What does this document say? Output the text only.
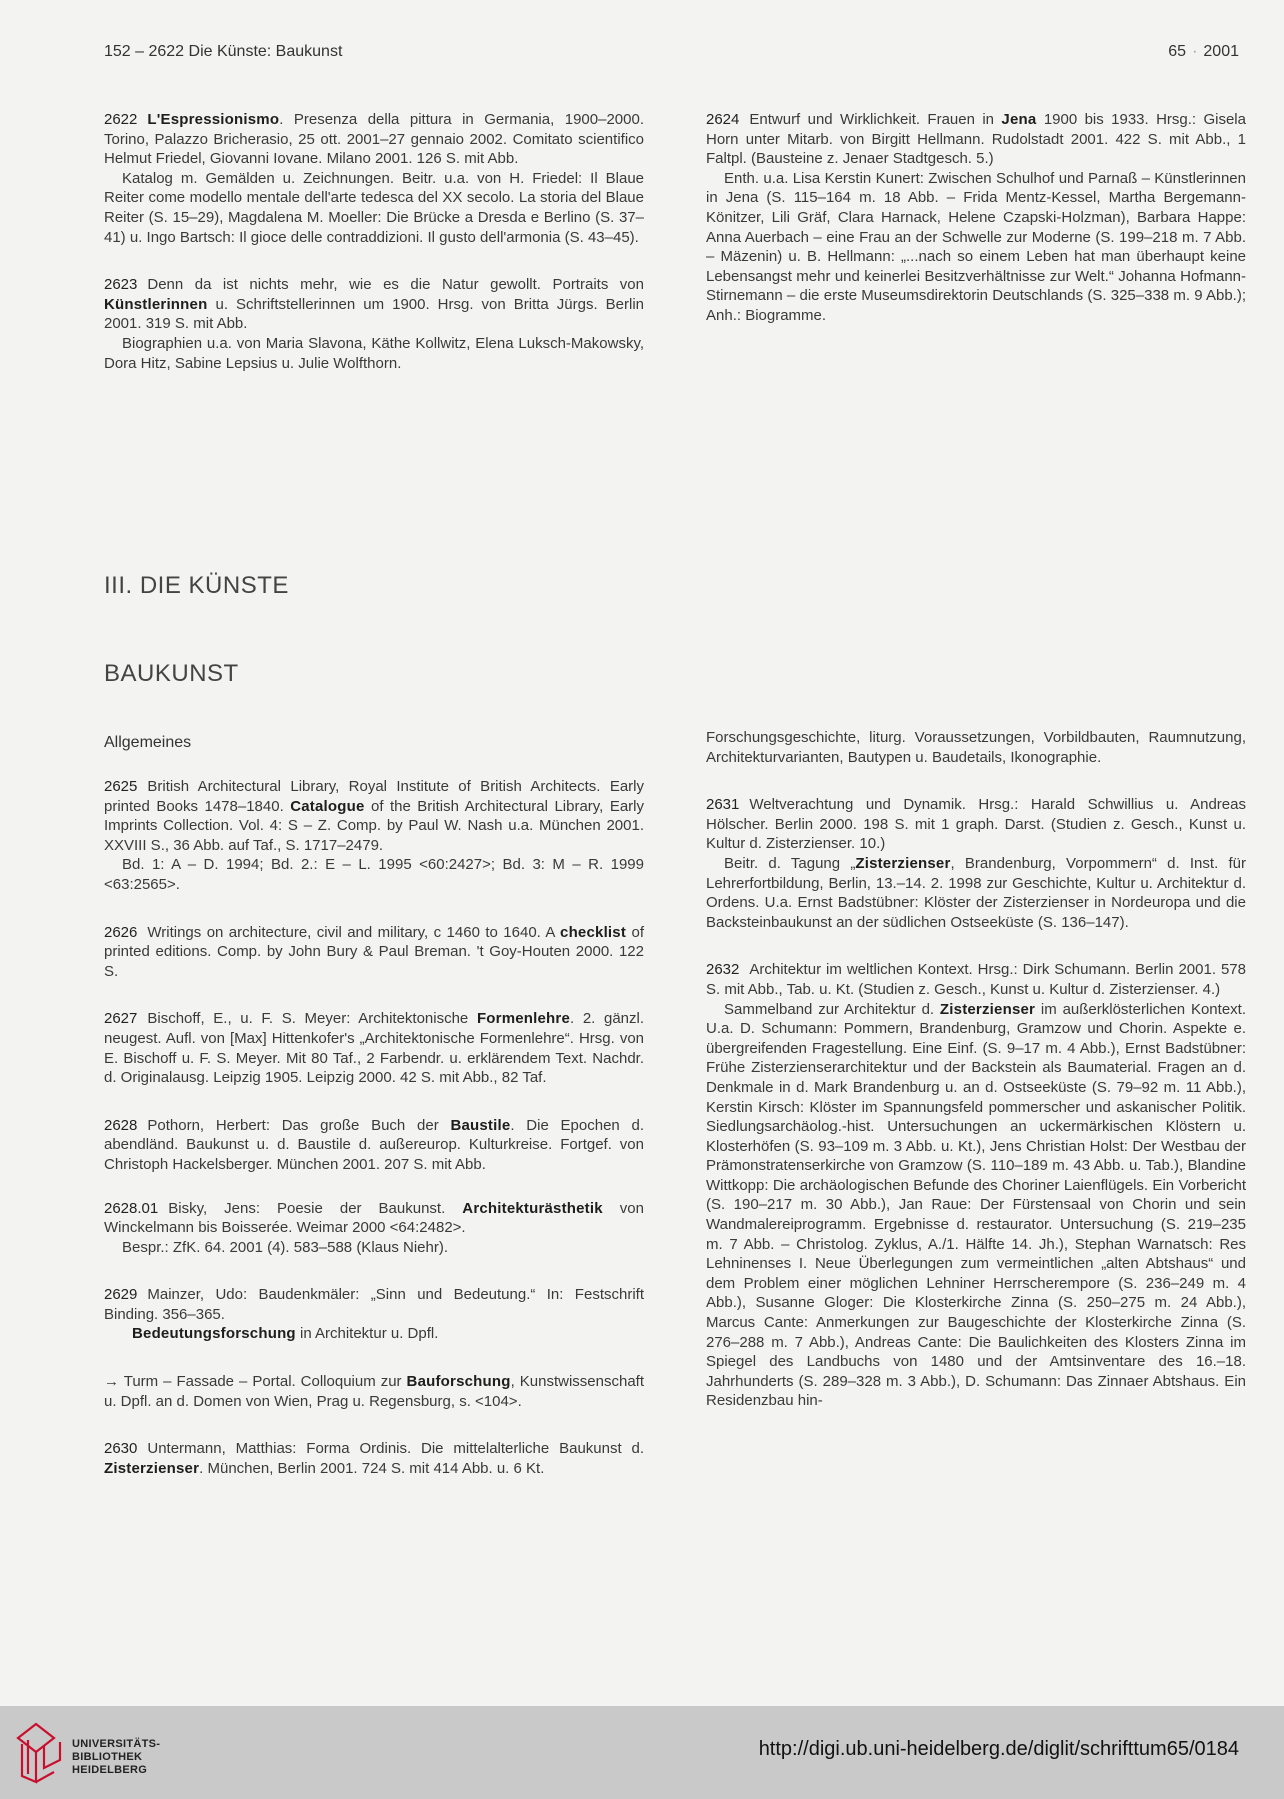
152 – 2622 Die Künste: Baukunst	65 · 2001

2622 L'Espressionismo. Presenza della pittura in Germania, 1900–2000. Torino, Palazzo Bricherasio, 25 ott. 2001–27 gennaio 2002. Comitato scientifico Helmut Friedel, Giovanni Iovane. Milano 2001. 126 S. mit Abb.

Katalog m. Gemälden u. Zeichnungen. Beitr. u.a. von H. Friedel: Il Blaue Reiter come modello mentale dell'arte tedesca del XX secolo. La storia del Blaue Reiter (S. 15–29), Magdalena M. Moeller: Die Brücke a Dresda e Berlino (S. 37–41) u. Ingo Bartsch: Il gioce delle contraddizioni. Il gusto dell'armonia (S. 43–45).

2623 Denn da ist nichts mehr, wie es die Natur gewollt. Portraits von Künstlerinnen u. Schriftstellerinnen um 1900. Hrsg. von Britta Jürgs. Berlin 2001. 319 S. mit Abb.

Biographien u.a. von Maria Slavona, Käthe Kollwitz, Elena Luksch-Makowsky, Dora Hitz, Sabine Lepsius u. Julie Wolfthorn.

2624 Entwurf und Wirklichkeit. Frauen in Jena 1900 bis 1933. Hrsg.: Gisela Horn unter Mitarb. von Birgitt Hellmann. Rudolstadt 2001. 422 S. mit Abb., 1 Faltpl. (Bausteine z. Jenaer Stadtgesch. 5.)

Enth. u.a. Lisa Kerstin Kunert: Zwischen Schulhof und Parnaß – Künstlerinnen in Jena (S. 115–164 m. 18 Abb. – Frida Mentz-Kessel, Martha Bergemann-Könitzer, Lili Gräf, Clara Harnack, Helene Czapski-Holzman), Barbara Happe: Anna Auerbach – eine Frau an der Schwelle zur Moderne (S. 199–218 m. 7 Abb. – Mäzenin) u. B. Hellmann: „...nach so einem Leben hat man überhaupt keine Lebensangst mehr und keinerlei Besitzverhältnisse zur Welt.“ Johanna Hofmann-Stirnemann – die erste Museumsdirektorin Deutschlands (S. 325–338 m. 9 Abb.); Anh.: Biogramme.

III. DIE KÜNSTE
BAUKUNST
Allgemeines

2625 British Architectural Library, Royal Institute of British Architects. Early printed Books 1478–1840. Catalogue of the British Architectural Library, Early Imprints Collection. Vol. 4: S – Z. Comp. by Paul W. Nash u.a. München 2001. XXVIII S., 36 Abb. auf Taf., S. 1717–2479.

Bd. 1: A – D. 1994; Bd. 2.: E – L. 1995 <60:2427>; Bd. 3: M – R. 1999 <63:2565>.

2626 Writings on architecture, civil and military, c 1460 to 1640. A checklist of printed editions. Comp. by John Bury & Paul Breman. 't Goy-Houten 2000. 122 S.

2627 Bischoff, E., u. F. S. Meyer: Architektonische Formenlehre. 2. gänzl. neugest. Aufl. von [Max] Hittenkofer's „Architektonische Formenlehre“. Hrsg. von E. Bischoff u. F. S. Meyer. Mit 80 Taf., 2 Farbendr. u. erklärendem Text. Nachdr. d. Originalausg. Leipzig 1905. Leipzig 2000. 42 S. mit Abb., 82 Taf.

2628 Pothorn, Herbert: Das große Buch der Baustile. Die Epochen d. abendländ. Baukunst u. d. Baustile d. außereurop. Kulturkreise. Fortgef. von Christoph Hackelsberger. München 2001. 207 S. mit Abb.

2628.01 Bisky, Jens: Poesie der Baukunst. Architekturästhetik von Winckelmann bis Boisserée. Weimar 2000 <64:2482>.

Bespr.: ZfK. 64. 2001 (4). 583–588 (Klaus Niehr).

2629 Mainzer, Udo: Baudenkmäler: „Sinn und Bedeutung.“ In: Festschrift Binding. 356–365.

Bedeutungsforschung in Architektur u. Dpfl.

→ Turm – Fassade – Portal. Colloquium zur Bauforschung, Kunstwissenschaft u. Dpfl. an d. Domen von Wien, Prag u. Regensburg, s. <104>.

2630 Untermann, Matthias: Forma Ordinis. Die mittelalterliche Baukunst d. Zisterzienser. München, Berlin 2001. 724 S. mit 414 Abb. u. 6 Kt.

Forschungsgeschichte, liturg. Voraussetzungen, Vorbildbauten, Raumnutzung, Architekturvarianten, Bautypen u. Baudetails, Ikonographie.

2631 Weltverachtung und Dynamik. Hrsg.: Harald Schwillius u. Andreas Hölscher. Berlin 2000. 198 S. mit 1 graph. Darst. (Studien z. Gesch., Kunst u. Kultur d. Zisterzienser. 10.)

Beitr. d. Tagung „Zisterzienser, Brandenburg, Vorpommern“ d. Inst. für Lehrerfortbildung, Berlin, 13.–14. 2. 1998 zur Geschichte, Kultur u. Architektur d. Ordens. U.a. Ernst Badstübner: Klöster der Zisterzienser in Nordeuropa und die Backsteinbaukunst an der südlichen Ostseeküste (S. 136–147).

2632 Architektur im weltlichen Kontext. Hrsg.: Dirk Schumann. Berlin 2001. 578 S. mit Abb., Tab. u. Kt. (Studien z. Gesch., Kunst u. Kultur d. Zisterzienser. 4.)

Sammelband zur Architektur d. Zisterzienser im außerklösterlichen Kontext. U.a. D. Schumann: Pommern, Brandenburg, Gramzow und Chorin. Aspekte e. übergreifenden Fragestellung. Eine Einf. (S. 9–17 m. 4 Abb.), Ernst Badstübner: Frühe Zisterzienserarchitektur und der Backstein als Baumaterial. Fragen an d. Denkmale in d. Mark Brandenburg u. an d. Ostseeküste (S. 79–92 m. 11 Abb.), Kerstin Kirsch: Klöster im Spannungsfeld pommerscher und askanischer Politik. Siedlungsarchäolog.-hist. Untersuchungen an uckermärkischen Klöstern u. Klosterhöfen (S. 93–109 m. 3 Abb. u. Kt.), Jens Christian Holst: Der Westbau der Prämonstratenserkirche von Gramzow (S. 110–189 m. 43 Abb. u. Tab.), Blandine Wittkopp: Die archäologischen Befunde des Choriner Laienflügels. Ein Vorbericht (S. 190–217 m. 30 Abb.), Jan Raue: Der Fürstensaal von Chorin und sein Wandmalereiprogramm. Ergebnisse d. restaurator. Untersuchung (S. 219–235 m. 7 Abb. – Christolog. Zyklus, A./1. Hälfte 14. Jh.), Stephan Warnatsch: Res Lehninenses I. Neue Überlegungen zum vermeintlichen „alten Abtshaus“ und dem Problem einer möglichen Lehniner Herrscherempore (S. 236–249 m. 4 Abb.), Susanne Gloger: Die Klosterkirche Zinna (S. 250–275 m. 24 Abb.), Marcus Cante: Anmerkungen zur Baugeschichte der Klosterkirche Zinna (S. 276–288 m. 7 Abb.), Andreas Cante: Die Baulichkeiten des Klosters Zinna im Spiegel des Landbuchs von 1480 und der Amtsinventare des 16.–18. Jahrhunderts (S. 289–328 m. 3 Abb.), D. Schumann: Das Zinnaer Abtshaus. Ein Residenzbau hin-

UNIVERSITÄTS-
BIBLIOTHEK
HEIDELBERG
http://digi.ub.uni-heidelberg.de/diglit/schrifttum65/0184
